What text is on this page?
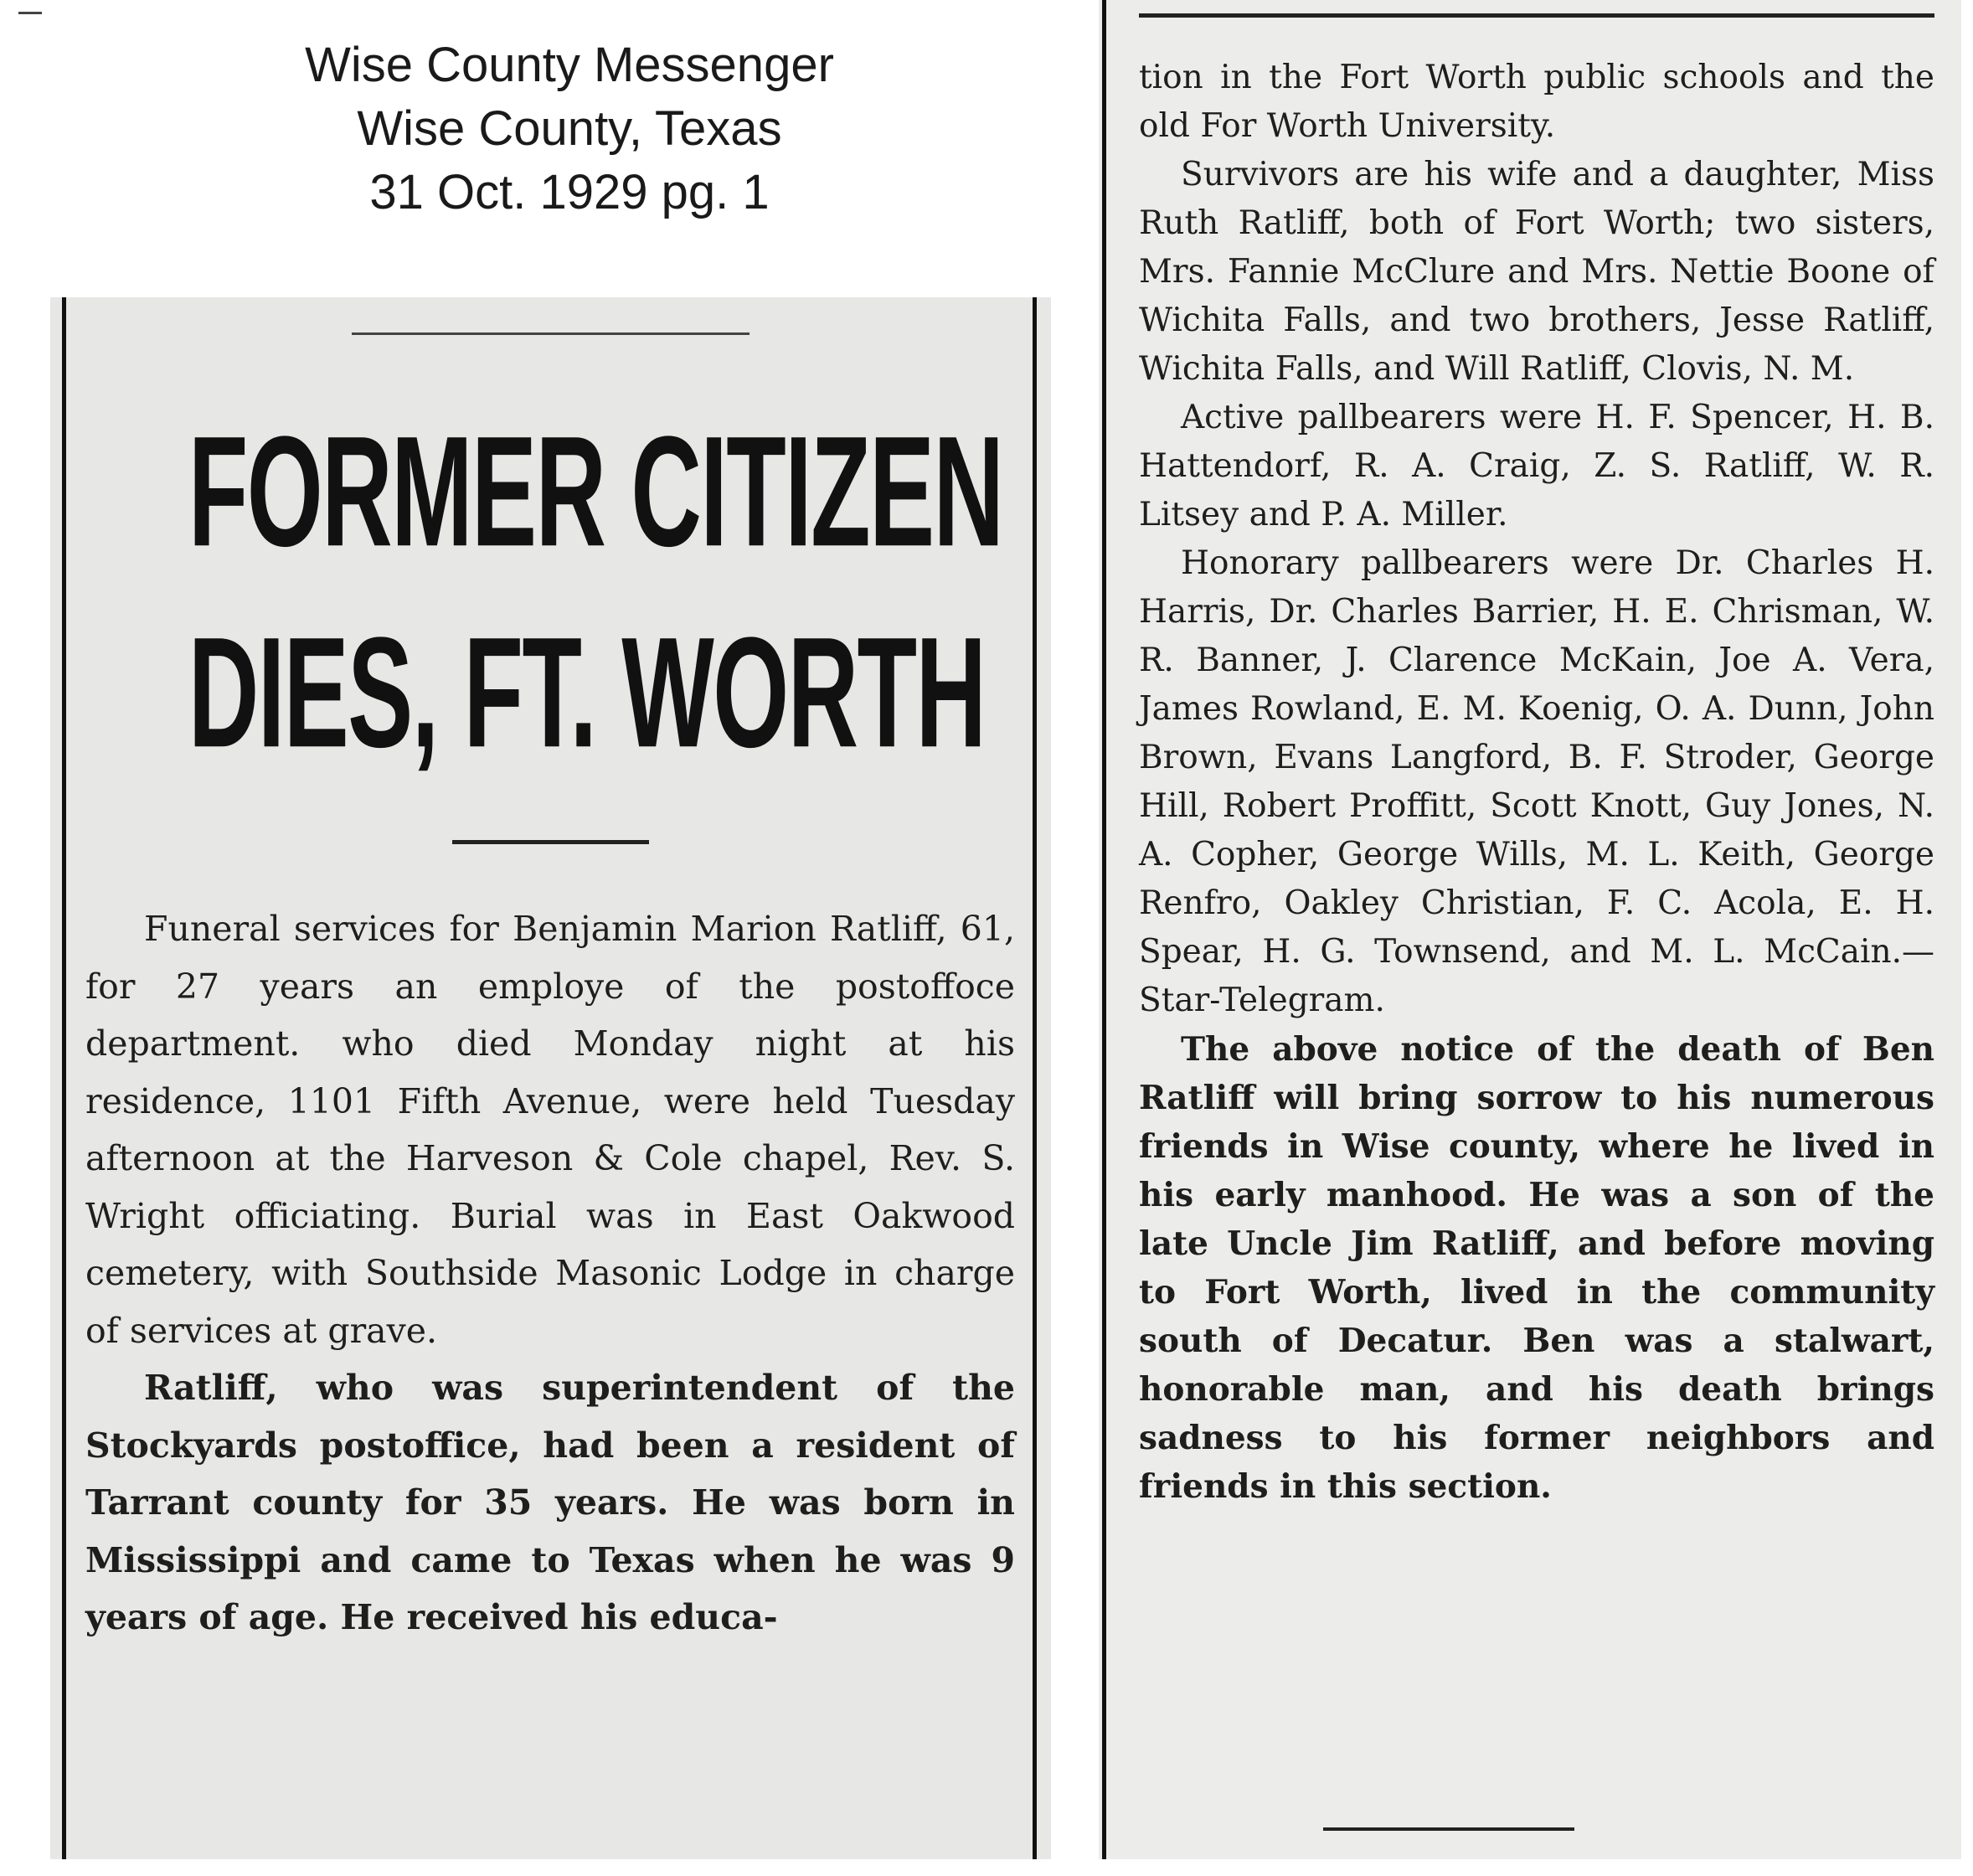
Wise County Messenger
Wise County, Texas
31 Oct. 1929 pg. 1
FORMER CITIZEN
DIES, FT. WORTH

Funeral services for Benjamin Marion Ratliff, 61, for 27 years an employe of the postoffoce department. who died Monday night at his residence, 1101 Fifth Avenue, were held Tuesday afternoon at the Harveson & Cole chapel, Rev. S. Wright officiating. Burial was in East Oakwood cemetery, with Southside Masonic Lodge in charge of services at grave.

Ratliff, who was superintendent of the Stockyards postoffice, had been a resident of Tarrant county for 35 years. He was born in Mississippi and came to Texas when he was 9 years of age. He received his educa-

tion in the Fort Worth public schools and the old For Worth University.

Survivors are his wife and a daughter, Miss Ruth Ratliff, both of Fort Worth; two sisters, Mrs. Fannie McClure and Mrs. Nettie Boone of Wichita Falls, and two brothers, Jesse Ratliff, Wichita Falls, and Will Ratliff, Clovis, N. M.

Active pallbearers were H. F. Spencer, H. B. Hattendorf, R. A. Craig, Z. S. Ratliff, W. R. Litsey and P. A. Miller.

Honorary pallbearers were Dr. Charles H. Harris, Dr. Charles Barrier, H. E. Chrisman, W. R. Banner, J. Clarence McKain, Joe A. Vera, James Rowland, E. M. Koenig, O. A. Dunn, John Brown, Evans Langford, B. F. Stroder, George Hill, Robert Proffitt, Scott Knott, Guy Jones, N. A. Copher, George Wills, M. L. Keith, George Renfro, Oakley Christian, F. C. Acola, E. H. Spear, H. G. Townsend, and M. L. McCain.—Star-Telegram.

The above notice of the death of Ben Ratliff will bring sorrow to his numerous friends in Wise county, where he lived in his early manhood. He was a son of the late Uncle Jim Ratliff, and before moving to Fort Worth, lived in the community south of Decatur. Ben was a stalwart, honorable man, and his death brings sadness to his former neighbors and friends in this section.
